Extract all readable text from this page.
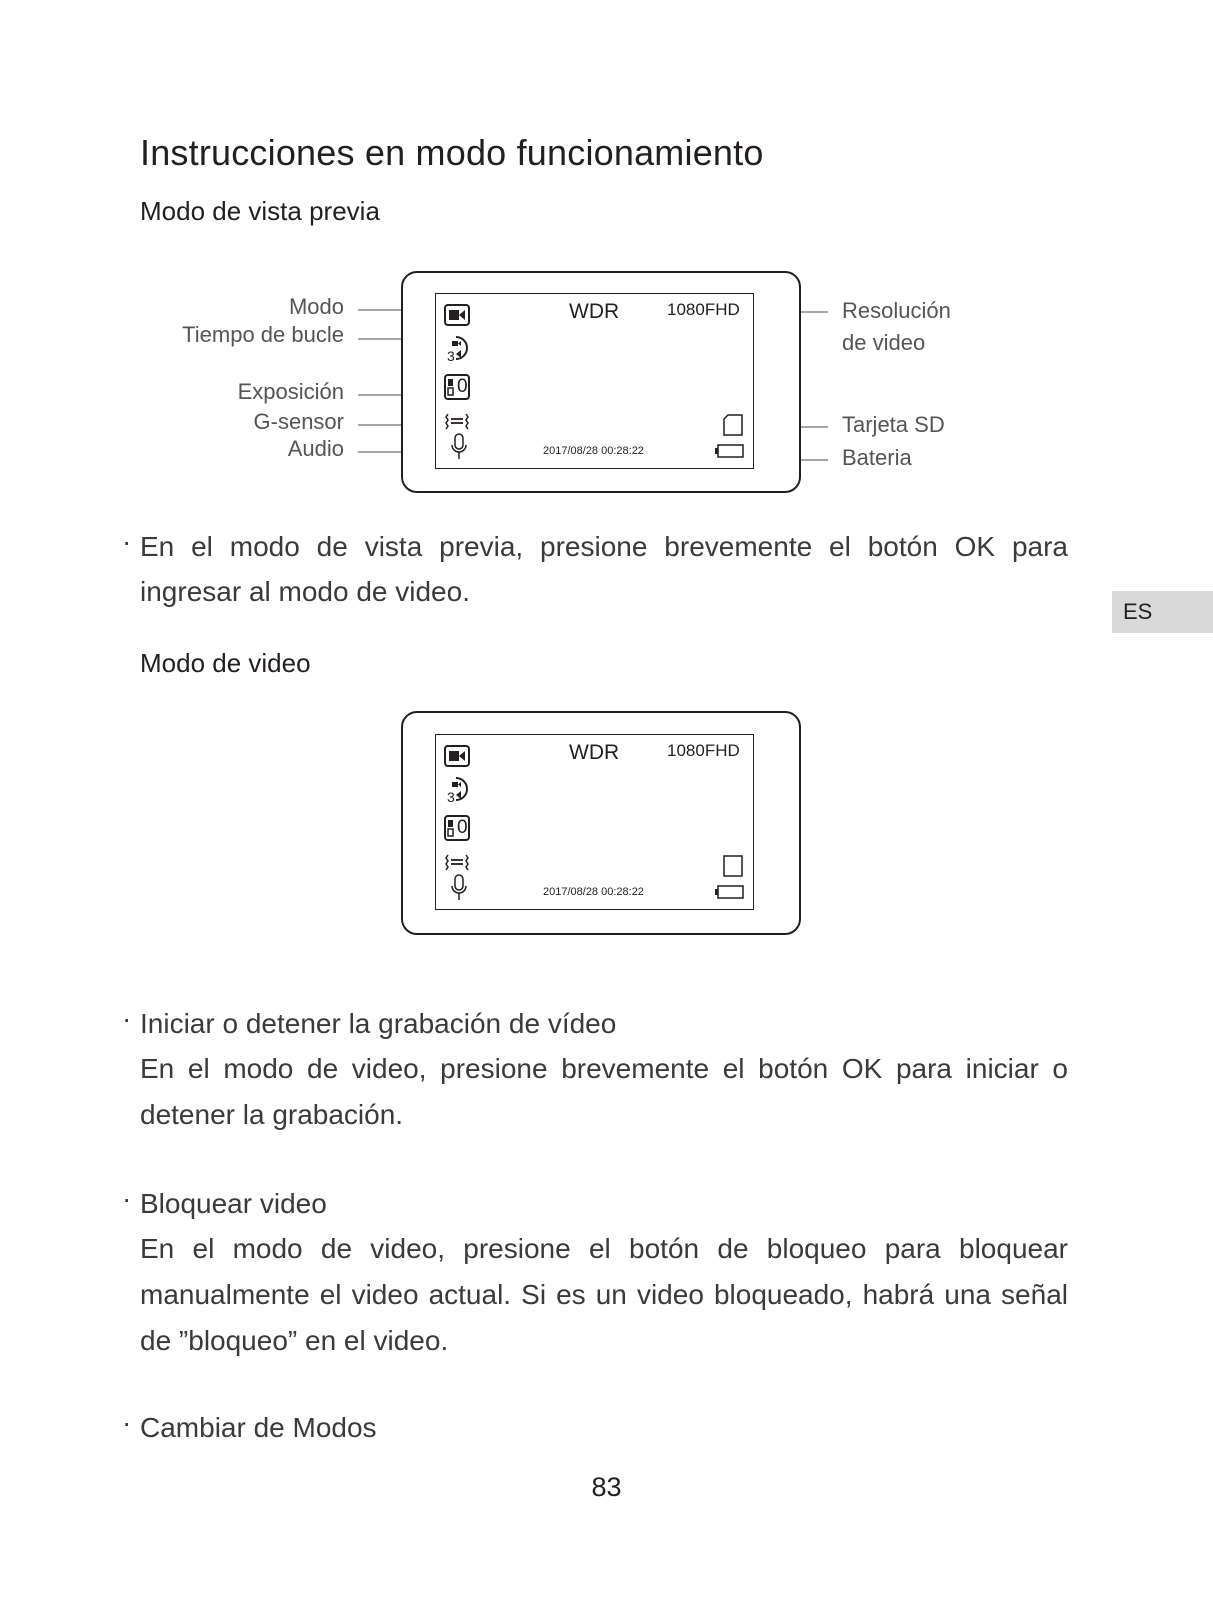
Instrucciones en modo funcionamiento
Modo de vista previa
Modo
Tiempo de bucle
Exposición
G-sensor
Audio
Resolución
de video
Tarjeta SD
Bateria
3
0
WDR	1080FHD
2017/08/28 00:28:22
· En el modo de vista previa, presione brevemente el botón OK para ingresar al modo de video.
ES
Modo de video
3
0
WDR	1080FHD
2017/08/28 00:28:22
· Iniciar o detener la grabación de vídeo
En el modo de video, presione brevemente el botón OK para iniciar o detener la grabación.
· Bloquear video
En el modo de video, presione el botón de bloqueo para bloquear manualmente el video actual. Si es un video bloqueado, habrá una señal de ”bloqueo” en el video.
· Cambiar de Modos
83
